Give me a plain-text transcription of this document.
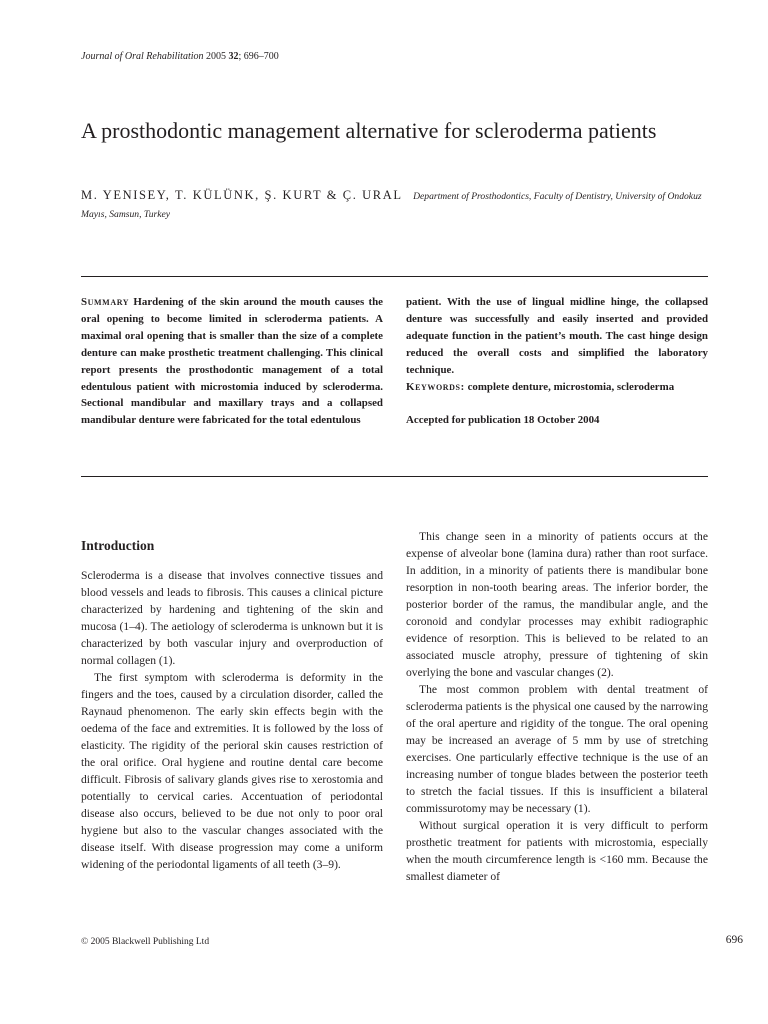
Journal of Oral Rehabilitation 2005 32; 696–700
A prosthodontic management alternative for scleroderma patients
M. YENISEY, T. KÜLÜNK, Ş. KURT & Ç. URAL Department of Prosthodontics, Faculty of Dentistry, University of Ondokuz Mayıs, Samsun, Turkey

Summary Hardening of the skin around the mouth causes the oral opening to become limited in scleroderma patients. A maximal oral opening that is smaller than the size of a complete denture can make prosthetic treatment challenging. This clinical report presents the prosthodontic management of a total edentulous patient with microstomia induced by scleroderma. Sectional mandibular and maxillary trays and a collapsed mandibular denture were fabricated for the total edentulous

patient. With the use of lingual midline hinge, the collapsed denture was successfully and easily inserted and provided adequate function in the patient’s mouth. The cast hinge design reduced the overall costs and simplified the laboratory technique.

Keywords: complete denture, microstomia, scleroderma

Accepted for publication 18 October 2004

Introduction

Scleroderma is a disease that involves connective tissues and blood vessels and leads to fibrosis. This causes a clinical picture characterized by hardening and tightening of the skin and mucosa (1–4). The aetiology of scleroderma is unknown but it is characterized by both vascular injury and overproduction of normal collagen (1).

The first symptom with scleroderma is deformity in the fingers and the toes, caused by a circulation disorder, called the Raynaud phenomenon. The early skin effects begin with the oedema of the face and extremities. It is followed by the loss of elasticity. The rigidity of the perioral skin causes restriction of the oral orifice. Oral hygiene and routine dental care become difficult. Fibrosis of salivary glands gives rise to xerostomia and potentially to cervical caries. Accentuation of periodontal disease also occurs, believed to be due not only to poor oral hygiene but also to the vascular changes associated with the disease itself. With disease progression may come a uniform widening of the periodontal ligaments of all teeth (3–9).

This change seen in a minority of patients occurs at the expense of alveolar bone (lamina dura) rather than root surface. In addition, in a minority of patients there is mandibular bone resorption in non-tooth bearing areas. The inferior border, the posterior border of the ramus, the mandibular angle, and the coronoid and condylar processes may exhibit radiographic evidence of resorption. This is believed to be related to an associated muscle atrophy, pressure of tightening of skin overlying the bone and vascular changes (2).

The most common problem with dental treatment of scleroderma patients is the physical one caused by the narrowing of the oral aperture and rigidity of the tongue. The oral opening may be increased an average of 5 mm by use of stretching exercises. One particularly effective technique is the use of an increasing number of tongue blades between the posterior teeth to stretch the facial tissues. If this is insufficient a bilateral commissurotomy may be necessary (1).

Without surgical operation it is very difficult to perform prosthetic treatment for patients with microstomia, especially when the mouth circumference length is <160 mm. Because the smallest diameter of

© 2005 Blackwell Publishing Ltd	696
